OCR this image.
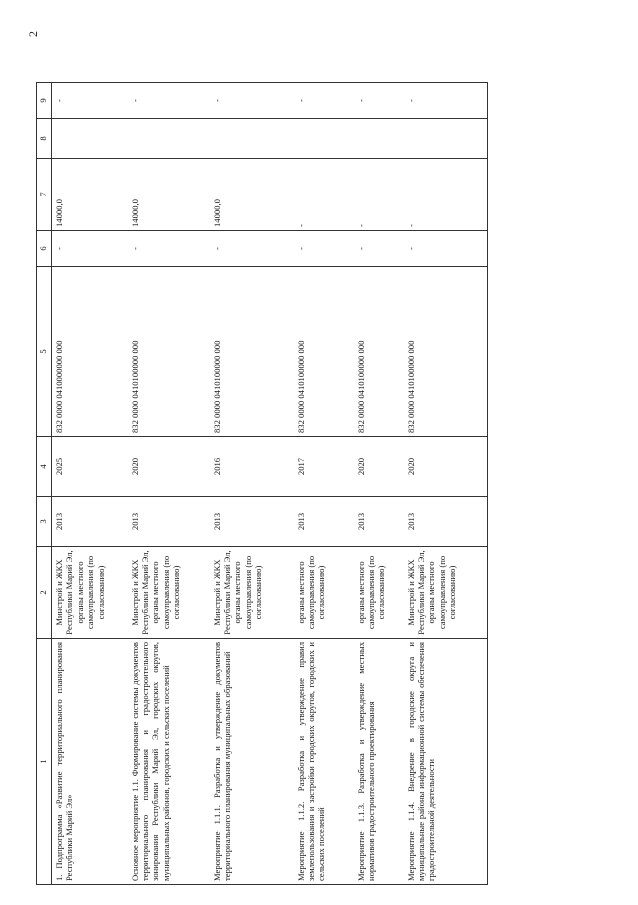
2
1	2	3	4	5	6	7	8	9
1. Подпрограмма «Развитие территориального планирования Республики Марий Эл»	Минстрой и ЖКХ Республики Марий Эл, органы местного самоуправления (по согласованию)	2013	2025	832 0000 0410000000 000	-	14000,0		-
Основное мероприятие 1.1. Формирование системы документов территориального планирования и градостроительного зонирования Республики Марий Эл, городских округов, муниципальных районов, городских и сельских поселений	Минстрой и ЖКХ Республики Марий Эл, органы местного самоуправления (по согласованию)	2013	2020	832 0000 0410100000 000	-	14000,0		-
Мероприятие 1.1.1. Разработка и утверждение документов территориального планирования муниципальных образований	Минстрой и ЖКХ Республики Марий Эл, органы местного самоуправления (по согласованию)	2013	2016	832 0000 0410100000 000	-	14000,0		-
Мероприятие 1.1.2. Разработка и утверждение правил землепользования и застройки городских округов, городских и сельских поселений	органы местного самоуправления (по согласованию)	2013	2017	832 0000 0410100000 000	-	-		-
Мероприятие 1.1.3. Разработка и утверждение местных нормативов градостроительного проектирования	органы местного самоуправления (по согласованию)	2013	2020	832 0000 0410100000 000	-	-		-
Мероприятие 1.1.4. Внедрение в городские округа и муниципальные районы информационной системы обеспечения градостроительной деятельности	Минстрой и ЖКХ Республики Марий Эл, органы местного самоуправления (по согласованию)	2013	2020	832 0000 0410100000 000	-	-		-
